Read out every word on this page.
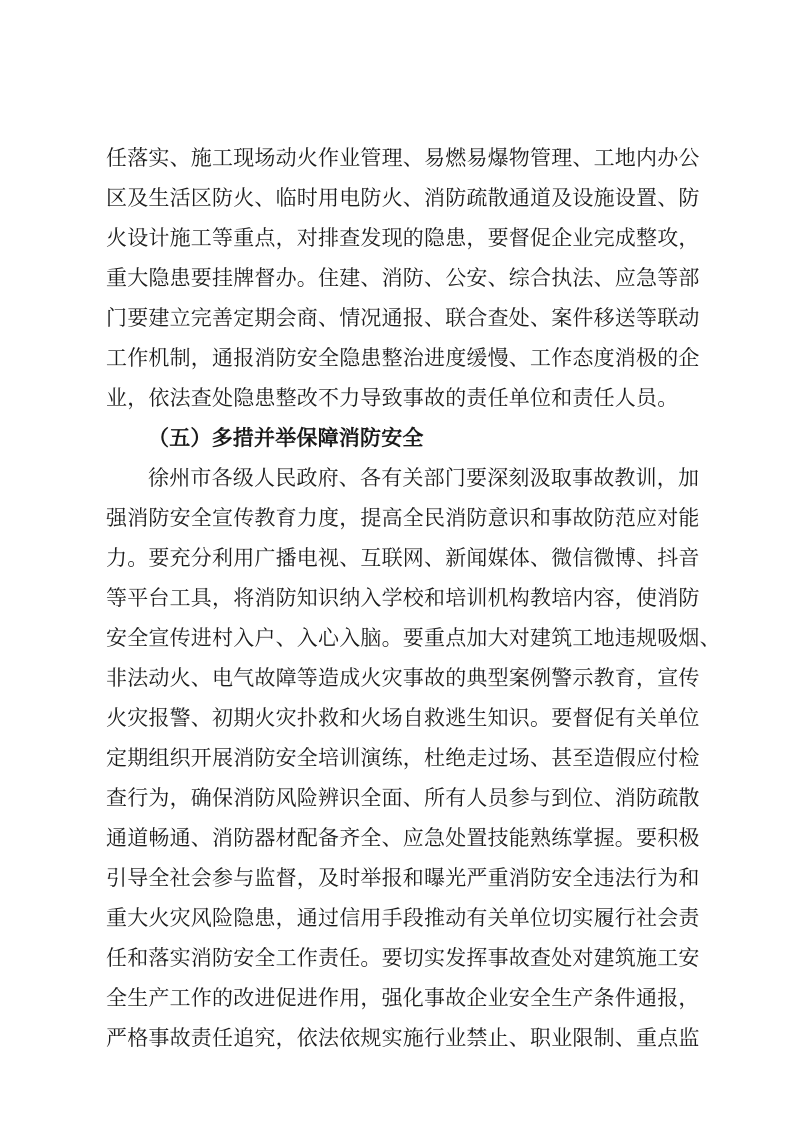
任落实、施工现场动火作业管理、易燃易爆物管理、工地内办公
区及生活区防火、临时用电防火、消防疏散通道及设施设置、防
火设计施工等重点，对排查发现的隐患，要督促企业完成整攻，
重大隐患要挂牌督办。住建、消防、公安、综合执法、应急等部
门要建立完善定期会商、情况通报、联合查处、案件移送等联动
工作机制，通报消防安全隐患整治进度缓慢、工作态度消极的企
业，依法查处隐患整改不力导致事故的责任单位和责任人员。
（五）多措并举保障消防安全
徐州市各级人民政府、各有关部门要深刻汲取事故教训，加
强消防安全宣传教育力度，提高全民消防意识和事故防范应对能
力。要充分利用广播电视、互联网、新闻媒体、微信微博、抖音
等平台工具，将消防知识纳入学校和培训机构教培内容，使消防
安全宣传进村入户、入心入脑。要重点加大对建筑工地违规吸烟、
非法动火、电气故障等造成火灾事故的典型案例警示教育，宣传
火灾报警、初期火灾扑救和火场自救逃生知识。要督促有关单位
定期组织开展消防安全培训演练，杜绝走过场、甚至造假应付检
查行为，确保消防风险辨识全面、所有人员参与到位、消防疏散
通道畅通、消防器材配备齐全、应急处置技能熟练掌握。要积极
引导全社会参与监督，及时举报和曝光严重消防安全违法行为和
重大火灾风险隐患，通过信用手段推动有关单位切实履行社会责
任和落实消防安全工作责任。要切实发挥事故查处对建筑施工安
全生产工作的改进促进作用，强化事故企业安全生产条件通报，
严格事故责任追究，依法依规实施行业禁止、职业限制、重点监
